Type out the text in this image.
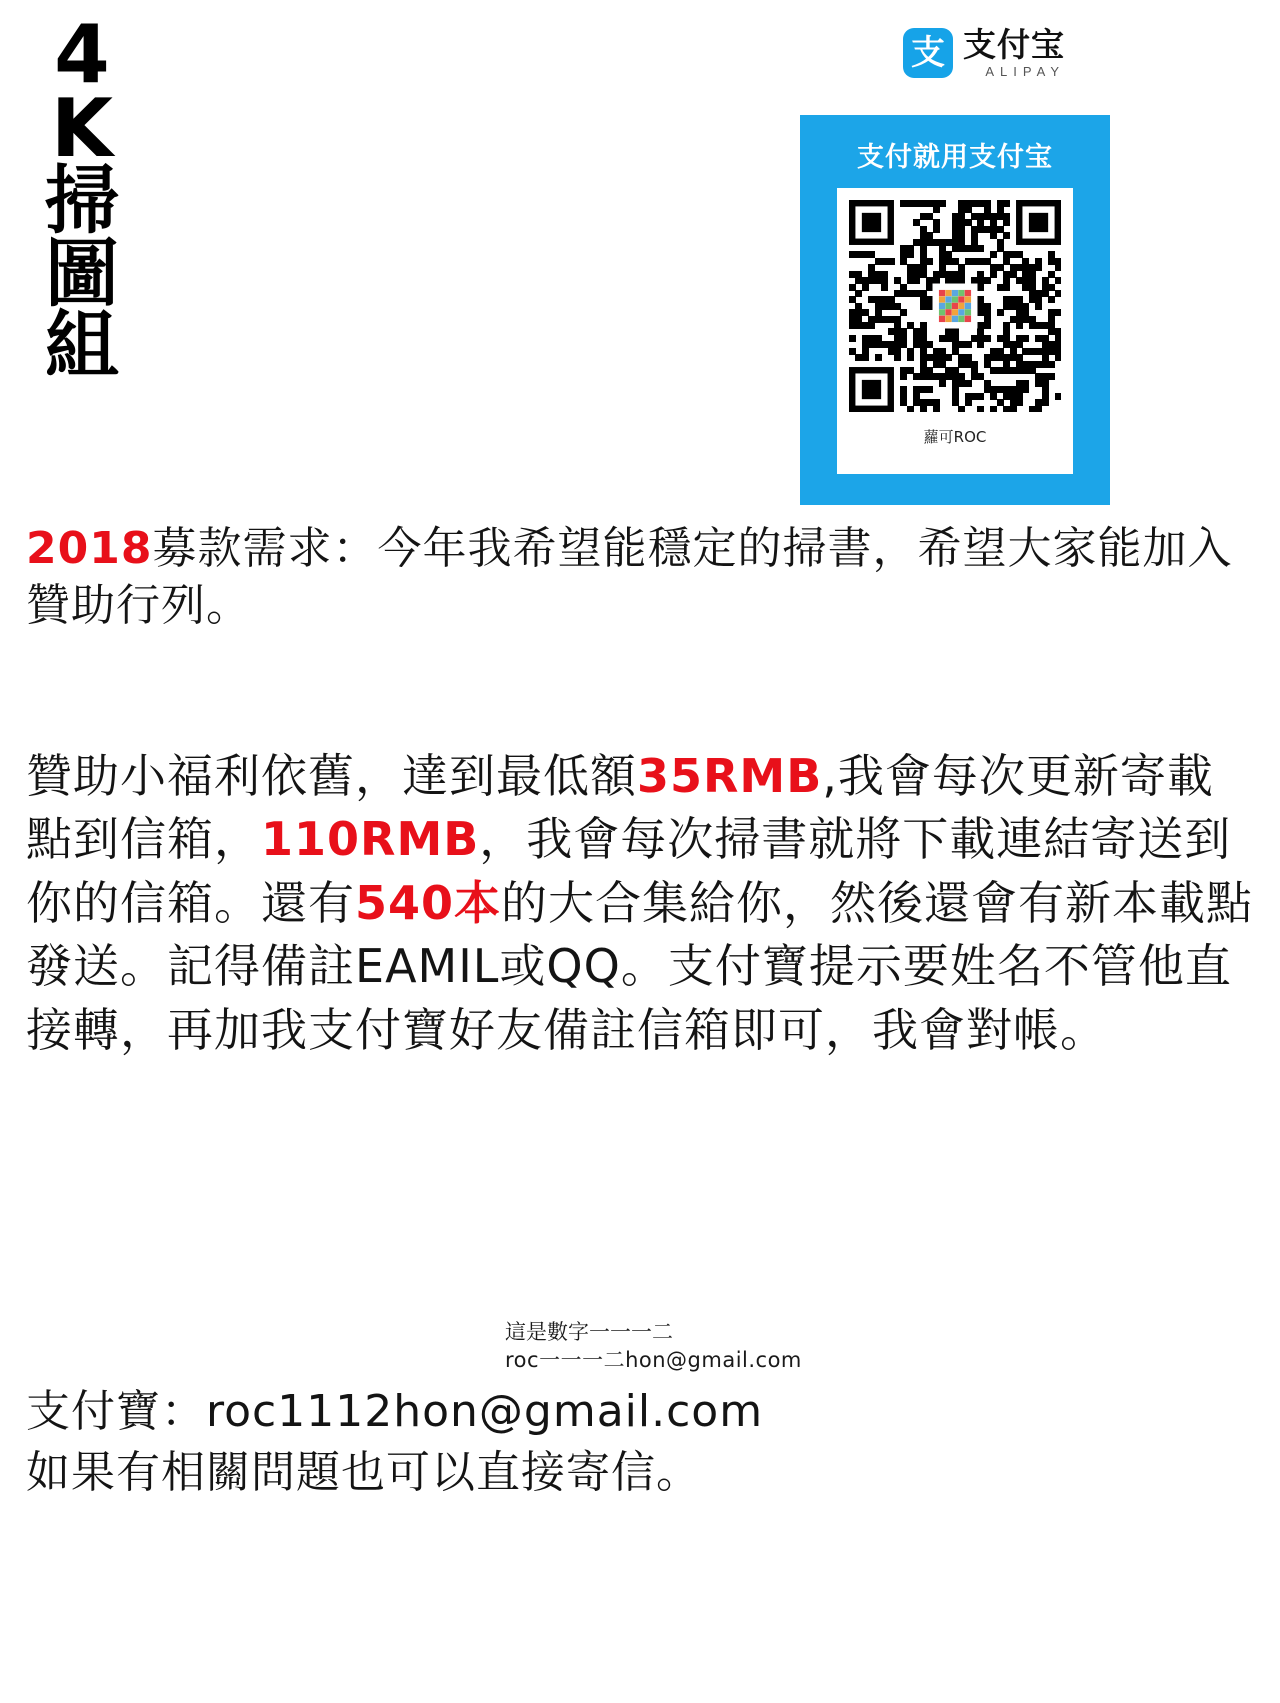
4
K
掃
圖
組
支 支付宝
ALIPAY
支付就用支付宝
蘿可ROC
2018募款需求：今年我希望能穩定的掃書，希望大家能加入贊助行列。
贊助小福利依舊，達到最低額35RMB,我會每次更新寄載點到信箱，110RMB，我會每次掃書就將下載連結寄送到你的信箱。還有540本的大合集給你，然後還會有新本載點發送。記得備註EAMIL或QQ。支付寶提示要姓名不管他直接轉，再加我支付寶好友備註信箱即可，我會對帳。
這是數字一一一二
roc一一一二hon@gmail.com
支付寶：roc1112hon@gmail.com
如果有相關問題也可以直接寄信。
